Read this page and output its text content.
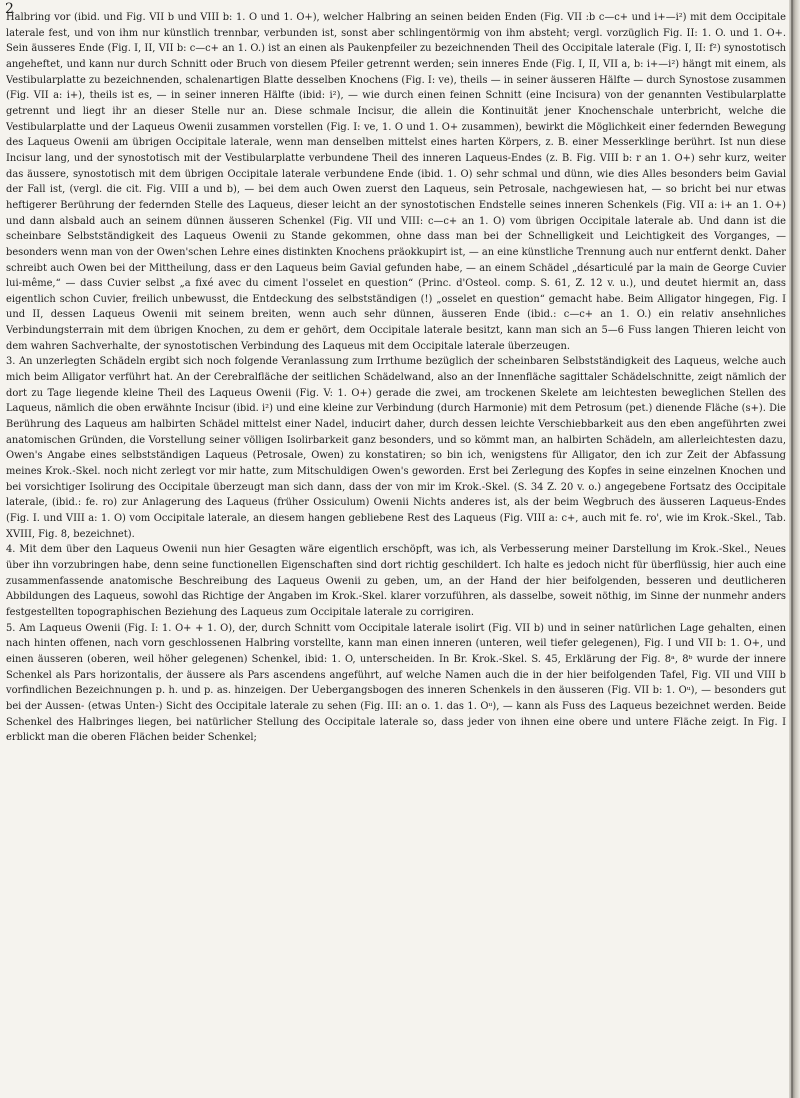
2

Halbring vor (ibid. und Fig. VII b und VIII b: 1. O und 1. O+), welcher Halbring an seinen beiden Enden (Fig. VII :b c—c+ und i+—i²) mit dem Occipitale laterale fest, und von ihm nur künstlich trennbar, verbunden ist, sonst aber schlingentörmig von ihm absteht; vergl. vorzüglich Fig. II: 1. O. und 1. O+. Sein äusseres Ende (Fig. I, II, VII b: c—c+ an 1. O.) ist an einen als Paukenpfeiler zu bezeichnenden Theil des Occipitale laterale (Fig. I, II: f²) synostotisch angeheftet, und kann nur durch Schnitt oder Bruch von diesem Pfeiler getrennt werden; sein inneres Ende (Fig. I, II, VII a, b: i+—i²) hängt mit einem, als Vestibularplatte zu bezeichnenden, schalenartigen Blatte desselben Knochens (Fig. I: ve), theils — in seiner äusseren Hälfte — durch Synostose zusammen (Fig. VII a: i+), theils ist es, — in seiner inneren Hälfte (ibid: i²), — wie durch einen feinen Schnitt (eine Incisura) von der genannten Vestibularplatte getrennt und liegt ihr an dieser Stelle nur an. Diese schmale Incisur, die allein die Kontinuität jener Knochenschale unterbricht, welche die Vestibularplatte und der Laqueus Owenii zusammen vorstellen (Fig. I: ve, 1. O und 1. O+ zusammen), bewirkt die Möglichkeit einer federnden Bewegung des Laqueus Owenii am übrigen Occipitale laterale, wenn man denselben mittelst eines harten Körpers, z. B. einer Messerklinge berührt. Ist nun diese Incisur lang, und der synostotisch mit der Vestibularplatte verbundene Theil des inneren Laqueus-Endes (z. B. Fig. VIII b: r an 1. O+) sehr kurz, weiter das äussere, synostotisch mit dem übrigen Occipitale laterale verbundene Ende (ibid. 1. O) sehr schmal und dünn, wie dies Alles besonders beim Gavial der Fall ist, (vergl. die cit. Fig. VIII a und b), — bei dem auch Owen zuerst den Laqueus, sein Petrosale, nachgewiesen hat, — so bricht bei nur etwas heftigerer Berührung der federnden Stelle des Laqueus, dieser leicht an der synostotischen Endstelle seines inneren Schenkels (Fig. VII a: i+ an 1. O+) und dann alsbald auch an seinem dünnen äusseren Schenkel (Fig. VII und VIII: c—c+ an 1. O) vom übrigen Occipitale laterale ab. Und dann ist die scheinbare Selbstständigkeit des Laqueus Owenii zu Stande gekommen, ohne dass man bei der Schnelligkeit und Leichtigkeit des Vorganges, — besonders wenn man von der Owen'schen Lehre eines distinkten Knochens präokkupirt ist, — an eine künstliche Trennung auch nur entfernt denkt. Daher schreibt auch Owen bei der Mittheilung, dass er den Laqueus beim Gavial gefunden habe, — an einem Schädel „désarticulé par la main de George Cuvier lui-même,“ — dass Cuvier selbst „a fixé avec du ciment l'osselet en question“ (Princ. d'Osteol. comp. S. 61, Z. 12 v. u.), und deutet hiermit an, dass eigentlich schon Cuvier, freilich unbewusst, die Entdeckung des selbstständigen (!) „osselet en question“ gemacht habe. Beim Alligator hingegen, Fig. I und II, dessen Laqueus Owenii mit seinem breiten, wenn auch sehr dünnen, äusseren Ende (ibid.: c—c+ an 1. O.) ein relativ ansehnliches Verbindungsterrain mit dem übrigen Knochen, zu dem er gehört, dem Occipitale laterale besitzt, kann man sich an 5—6 Fuss langen Thieren leicht von dem wahren Sachverhalte, der synostotischen Verbindung des Laqueus mit dem Occipitale laterale überzeugen.

3. An unzerlegten Schädeln ergibt sich noch folgende Veranlassung zum Irrthume bezüglich der scheinbaren Selbstständigkeit des Laqueus, welche auch mich beim Alligator verführt hat. An der Cerebralfläche der seitlichen Schädelwand, also an der Innenfläche sagittaler Schädelschnitte, zeigt nämlich der dort zu Tage liegende kleine Theil des Laqueus Owenii (Fig. V: 1. O+) gerade die zwei, am trockenen Skelete am leichtesten beweglichen Stellen des Laqueus, nämlich die oben erwähnte Incisur (ibid. i²) und eine kleine zur Verbindung (durch Harmonie) mit dem Petrosum (pet.) dienende Fläche (s+). Die Berührung des Laqueus am halbirten Schädel mittelst einer Nadel, inducirt daher, durch dessen leichte Verschiebbarkeit aus den eben angeführten zwei anatomischen Gründen, die Vorstellung seiner völligen Isolirbarkeit ganz besonders, und so kömmt man, an halbirten Schädeln, am allerleichtesten dazu, Owen's Angabe eines selbstständigen Laqueus (Petrosale, Owen) zu konstatiren; so bin ich, wenigstens für Alligator, den ich zur Zeit der Abfassung meines Krok.-Skel. noch nicht zerlegt vor mir hatte, zum Mitschuldigen Owen's geworden. Erst bei Zerlegung des Kopfes in seine einzelnen Knochen und bei vorsichtiger Isolirung des Occipitale überzeugt man sich dann, dass der von mir im Krok.-Skel. (S. 34 Z. 20 v. o.) angegebene Fortsatz des Occipitale laterale, (ibid.: fe. ro) zur Anlagerung des Laqueus (früher Ossiculum) Owenii Nichts anderes ist, als der beim Wegbruch des äusseren Laqueus-Endes (Fig. I. und VIII a: 1. O) vom Occipitale laterale, an diesem hangen gebliebene Rest des Laqueus (Fig. VIII a: c+, auch mit fe. ro', wie im Krok.-Skel., Tab. XVIII, Fig. 8, bezeichnet).

4. Mit dem über den Laqueus Owenii nun hier Gesagten wäre eigentlich erschöpft, was ich, als Verbesserung meiner Darstellung im Krok.-Skel., Neues über ihn vorzubringen habe, denn seine functionellen Eigenschaften sind dort richtig geschildert. Ich halte es jedoch nicht für überflüssig, hier auch eine zusammenfassende anatomische Beschreibung des Laqueus Owenii zu geben, um, an der Hand der hier beifolgenden, besseren und deutlicheren Abbildungen des Laqueus, sowohl das Richtige der Angaben im Krok.-Skel. klarer vorzuführen, als dasselbe, soweit nöthig, im Sinne der nunmehr anders festgestellten topographischen Beziehung des Laqueus zum Occipitale laterale zu corrigiren.

5. Am Laqueus Owenii (Fig. I: 1. O+ + 1. O), der, durch Schnitt vom Occipitale laterale isolirt (Fig. VII b) und in seiner natürlichen Lage gehalten, einen nach hinten offenen, nach vorn geschlossenen Halbring vorstellte, kann man einen inneren (unteren, weil tiefer gelegenen), Fig. I und VII b: 1. O+, und einen äusseren (oberen, weil höher gelegenen) Schenkel, ibid: 1. O, unterscheiden. In Br. Krok.-Skel. S. 45, Erklärung der Fig. 8ᵃ, 8ᵇ wurde der innere Schenkel als Pars horizontalis, der äussere als Pars ascendens angeführt, auf welche Namen auch die in der hier beifolgenden Tafel, Fig. VII und VIII b vorfindlichen Bezeichnungen p. h. und p. as. hinzeigen. Der Uebergangsbogen des inneren Schenkels in den äusseren (Fig. VII b: 1. Oᵘ), — besonders gut bei der Aussen- (etwas Unten-) Sicht des Occipitale laterale zu sehen (Fig. III: an o. 1. das 1. Oᵘ), — kann als Fuss des Laqueus bezeichnet werden. Beide Schenkel des Halbringes liegen, bei natürlicher Stellung des Occipitale laterale so, dass jeder von ihnen eine obere und untere Fläche zeigt. In Fig. I erblickt man die oberen Flächen beider Schenkel;
